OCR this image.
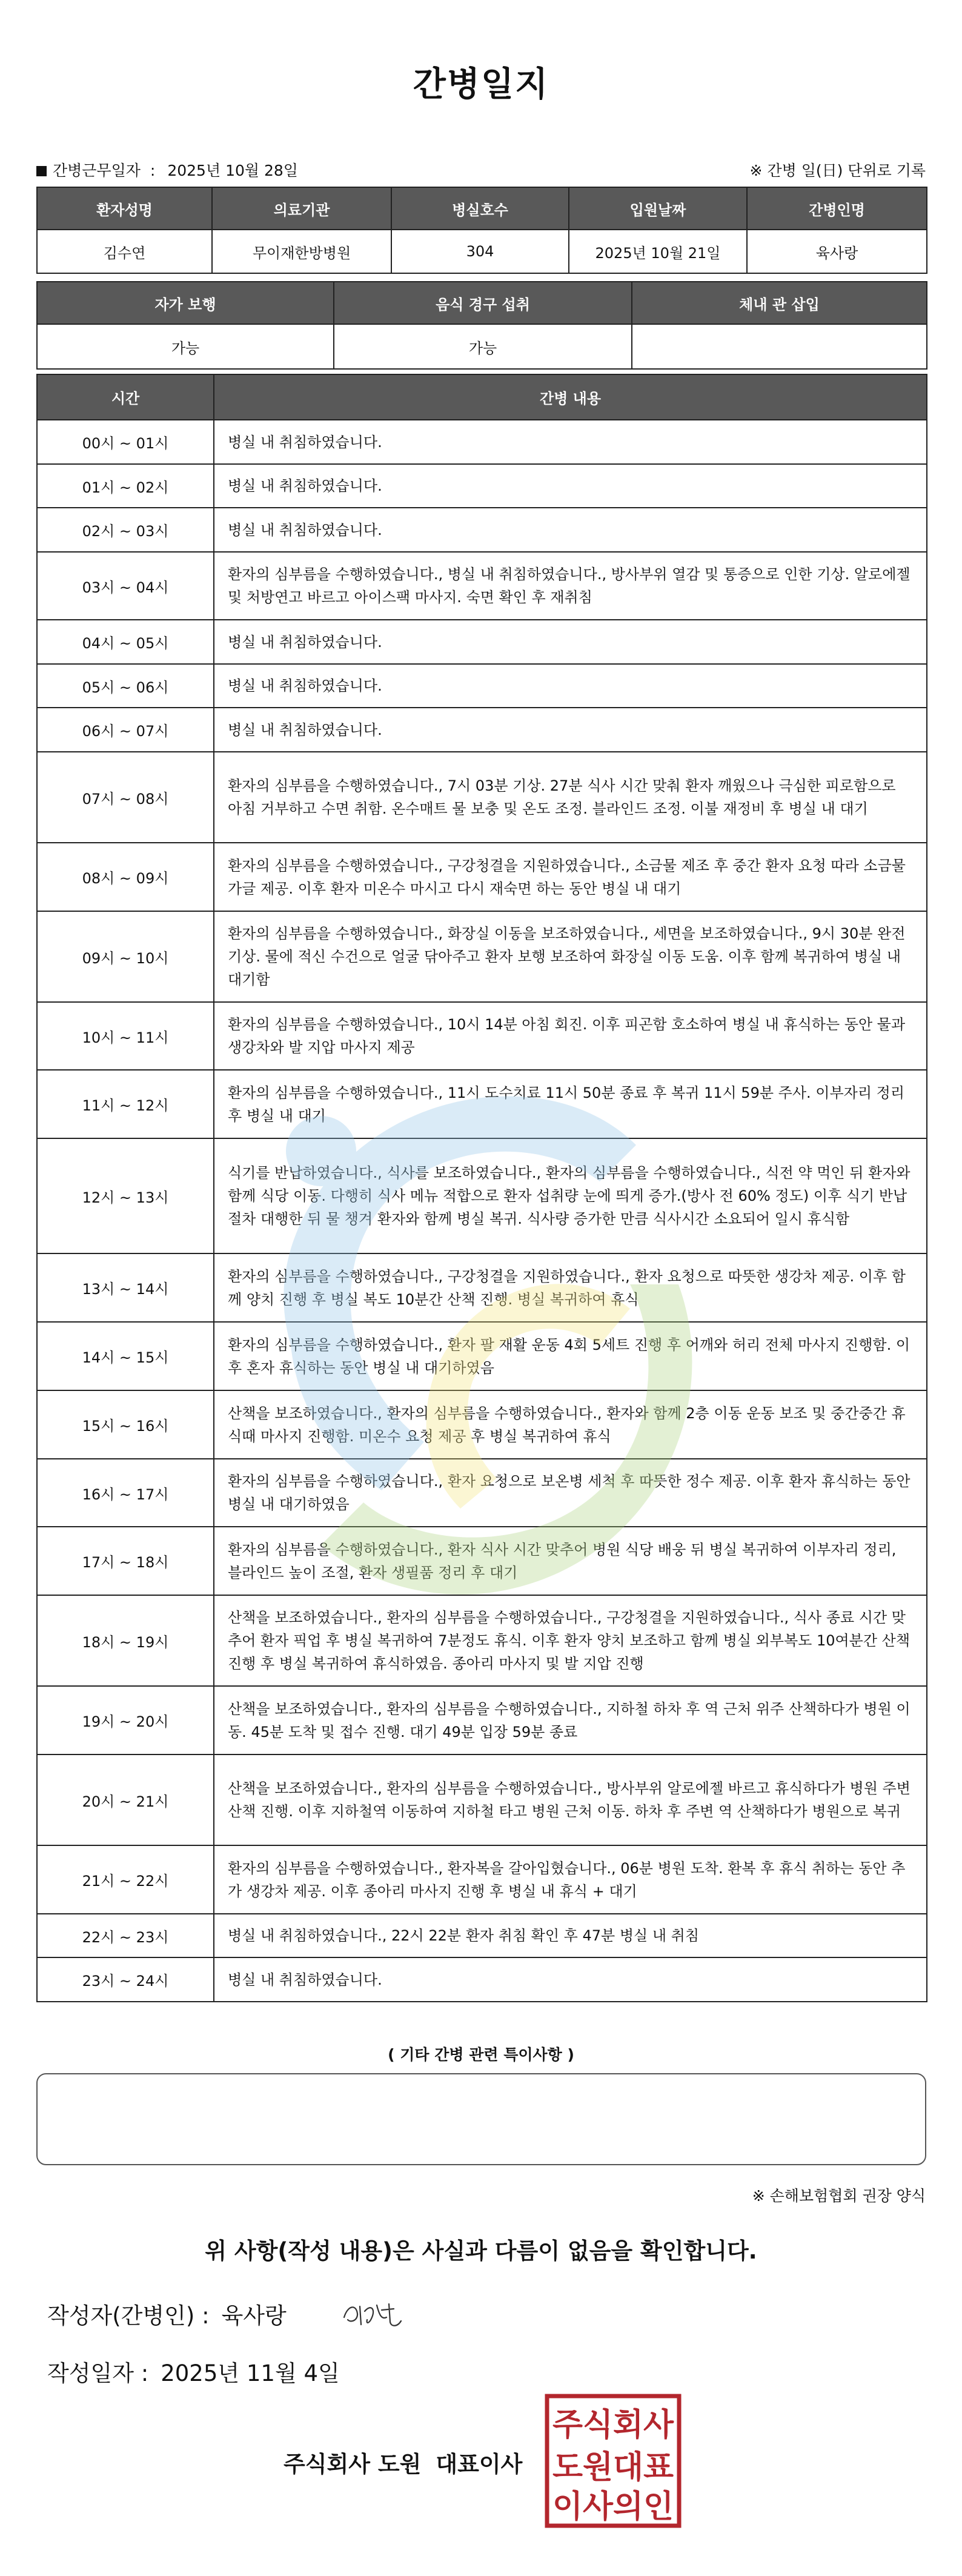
간병일지
간병근무일자 : 2025년 10월 28일	※ 간병 일(日) 단위로 기록
환자성명	의료기관	병실호수	입원날짜	간병인명
김수연	무이재한방병원	304	2025년 10월 21일	육사랑
자가 보행	음식 경구 섭취	체내 관 삽입
가능	가능	
시간	간병 내용
00시 ~ 01시	병실 내 취침하였습니다.
01시 ~ 02시	병실 내 취침하였습니다.
02시 ~ 03시	병실 내 취침하였습니다.
03시 ~ 04시	환자의 심부름을 수행하였습니다., 병실 내 취침하였습니다., 방사부위 열감 및 통증으로 인한 기상. 알로에젤 및 처방연고 바르고 아이스팩 마사지. 숙면 확인 후 재취침
04시 ~ 05시	병실 내 취침하였습니다.
05시 ~ 06시	병실 내 취침하였습니다.
06시 ~ 07시	병실 내 취침하였습니다.
07시 ~ 08시	환자의 심부름을 수행하였습니다., 7시 03분 기상. 27분 식사 시간 맞춰 환자 깨웠으나 극심한 피로함으로 아침 거부하고 수면 취함. 온수매트 물 보충 및 온도 조정. 블라인드 조정. 이불 재정비 후 병실 내 대기
08시 ~ 09시	환자의 심부름을 수행하였습니다., 구강청결을 지원하였습니다., 소금물 제조 후 중간 환자 요청 따라 소금물 가글 제공. 이후 환자 미온수 마시고 다시 재숙면 하는 동안 병실 내 대기
09시 ~ 10시	환자의 심부름을 수행하였습니다., 화장실 이동을 보조하였습니다., 세면을 보조하였습니다., 9시 30분 완전 기상. 물에 적신 수건으로 얼굴 닦아주고 환자 보행 보조하여 화장실 이동 도움. 이후 함께 복귀하여 병실 내 대기함
10시 ~ 11시	환자의 심부름을 수행하였습니다., 10시 14분 아침 회진. 이후 피곤함 호소하여 병실 내 휴식하는 동안 물과 생강차와 발 지압 마사지 제공
11시 ~ 12시	환자의 심부름을 수행하였습니다., 11시 도수치료 11시 50분 종료 후 복귀 11시 59분 주사. 이부자리 정리 후 병실 내 대기
12시 ~ 13시	식기를 반납하였습니다., 식사를 보조하였습니다., 환자의 심부름을 수행하였습니다., 식전 약 먹인 뒤 환자와 함께 식당 이동. 다행히 식사 메뉴 적합으로 환자 섭취량 눈에 띄게 증가.(방사 전 60% 정도) 이후 식기 반납 절차 대행한 뒤 물 챙겨 환자와 함께 병실 복귀. 식사량 증가한 만큼 식사시간 소요되어 일시 휴식함
13시 ~ 14시	환자의 심부름을 수행하였습니다., 구강청결을 지원하였습니다., 환자 요청으로 따뜻한 생강차 제공. 이후 함께 양치 진행 후 병실 복도 10분간 산책 진행. 병실 복귀하여 휴식
14시 ~ 15시	환자의 심부름을 수행하였습니다., 환자 팔 재활 운동 4회 5세트 진행 후 어깨와 허리 전체 마사지 진행함. 이후 혼자 휴식하는 동안 병실 내 대기하였음
15시 ~ 16시	산책을 보조하였습니다., 환자의 심부름을 수행하였습니다., 환자와 함께 2층 이동 운동 보조 및 중간중간 휴식때 마사지 진행함. 미온수 요청 제공 후 병실 복귀하여 휴식
16시 ~ 17시	환자의 심부름을 수행하였습니다., 환자 요청으로 보온병 세척 후 따뜻한 정수 제공. 이후 환자 휴식하는 동안 병실 내 대기하였음
17시 ~ 18시	환자의 심부름을 수행하였습니다., 환자 식사 시간 맞추어 병원 식당 배웅 뒤 병실 복귀하여 이부자리 정리, 블라인드 높이 조절, 환자 생필품 정리 후 대기
18시 ~ 19시	산책을 보조하였습니다., 환자의 심부름을 수행하였습니다., 구강청결을 지원하였습니다., 식사 종료 시간 맞추어 환자 픽업 후 병실 복귀하여 7분정도 휴식. 이후 환자 양치 보조하고 함께 병실 외부복도 10여분간 산책 진행 후 병실 복귀하여 휴식하였음. 종아리 마사지 및 발 지압 진행
19시 ~ 20시	산책을 보조하였습니다., 환자의 심부름을 수행하였습니다., 지하철 하차 후 역 근처 위주 산책하다가 병원 이동. 45분 도착 및 접수 진행. 대기 49분 입장 59분 종료
20시 ~ 21시	산책을 보조하였습니다., 환자의 심부름을 수행하였습니다., 방사부위 알로에젤 바르고 휴식하다가 병원 주변 산책 진행. 이후 지하철역 이동하여 지하철 타고 병원 근처 이동. 하차 후 주변 역 산책하다가 병원으로 복귀
21시 ~ 22시	환자의 심부름을 수행하였습니다., 환자복을 갈아입혔습니다., 06분 병원 도착. 환복 후 휴식 취하는 동안 추가 생강차 제공. 이후 종아리 마사지 진행 후 병실 내 휴식 + 대기
22시 ~ 23시	병실 내 취침하였습니다., 22시 22분 환자 취침 확인 후 47분 병실 내 취침
23시 ~ 24시	병실 내 취침하였습니다.
( 기타 간병 관련 특이사항 )
※ 손해보험협회 권장 양식
위 사항(작성 내용)은 사실과 다름이 없음을 확인합니다.
작성자(간병인) : 육사랑
작성일자 : 2025년 11월 4일
주식회사 도원 대표이사
주식회사
도원대표
이사의인
